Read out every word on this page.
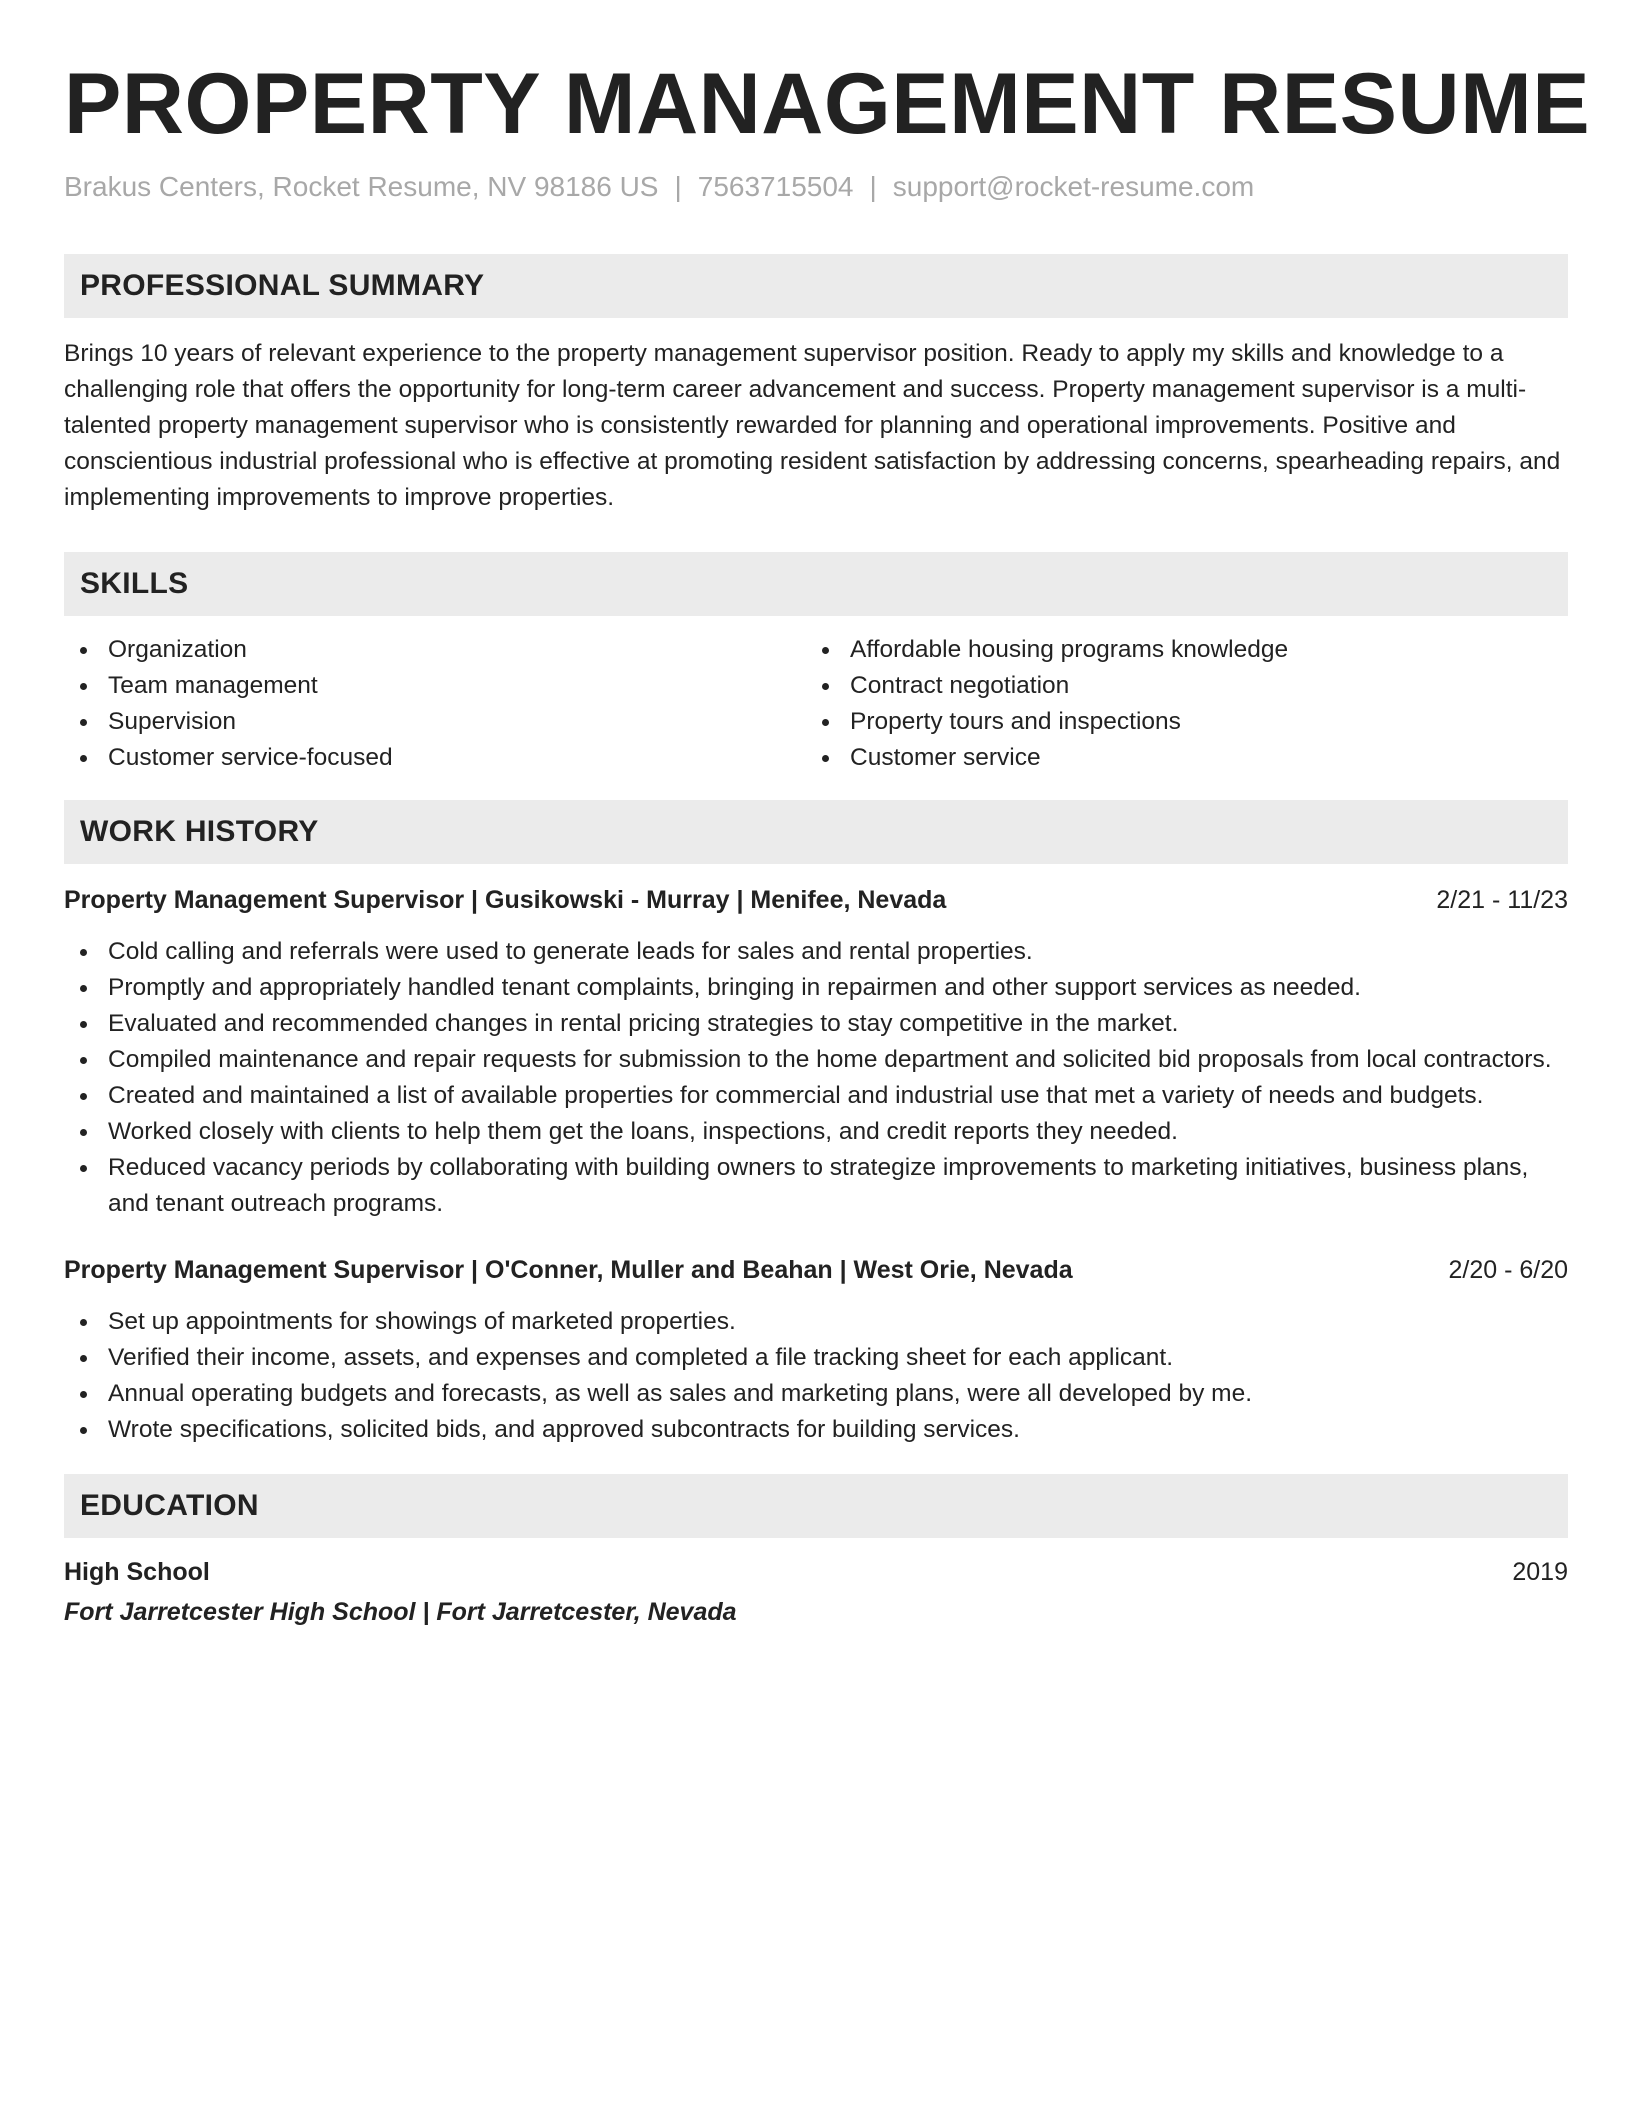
PROPERTY MANAGEMENT RESUME
Brakus Centers, Rocket Resume, NV 98186 US | 7563715504 | support@rocket-resume.com
PROFESSIONAL SUMMARY

Brings 10 years of relevant experience to the property management supervisor position. Ready to apply my skills and knowledge to a challenging role that offers the opportunity for long-term career advancement and success. Property management supervisor is a multi-talented property management supervisor who is consistently rewarded for planning and operational improvements. Positive and conscientious industrial professional who is effective at promoting resident satisfaction by addressing concerns, spearheading repairs, and implementing improvements to improve properties.

SKILLS
Organization
Team management
Supervision
Customer service-focused
Affordable housing programs knowledge
Contract negotiation
Property tours and inspections
Customer service
WORK HISTORY
Property Management Supervisor | Gusikowski - Murray | Menifee, Nevada	2/21 - 11/23
Cold calling and referrals were used to generate leads for sales and rental properties.
Promptly and appropriately handled tenant complaints, bringing in repairmen and other support services as needed.
Evaluated and recommended changes in rental pricing strategies to stay competitive in the market.
Compiled maintenance and repair requests for submission to the home department and solicited bid proposals from local contractors.
Created and maintained a list of available properties for commercial and industrial use that met a variety of needs and budgets.
Worked closely with clients to help them get the loans, inspections, and credit reports they needed.
Reduced vacancy periods by collaborating with building owners to strategize improvements to marketing initiatives, business plans, and tenant outreach programs.
Property Management Supervisor | O'Conner, Muller and Beahan | West Orie, Nevada	2/20 - 6/20
Set up appointments for showings of marketed properties.
Verified their income, assets, and expenses and completed a file tracking sheet for each applicant.
Annual operating budgets and forecasts, as well as sales and marketing plans, were all developed by me.
Wrote specifications, solicited bids, and approved subcontracts for building services.
EDUCATION
High School	2019
Fort Jarretcester High School | Fort Jarretcester, Nevada
